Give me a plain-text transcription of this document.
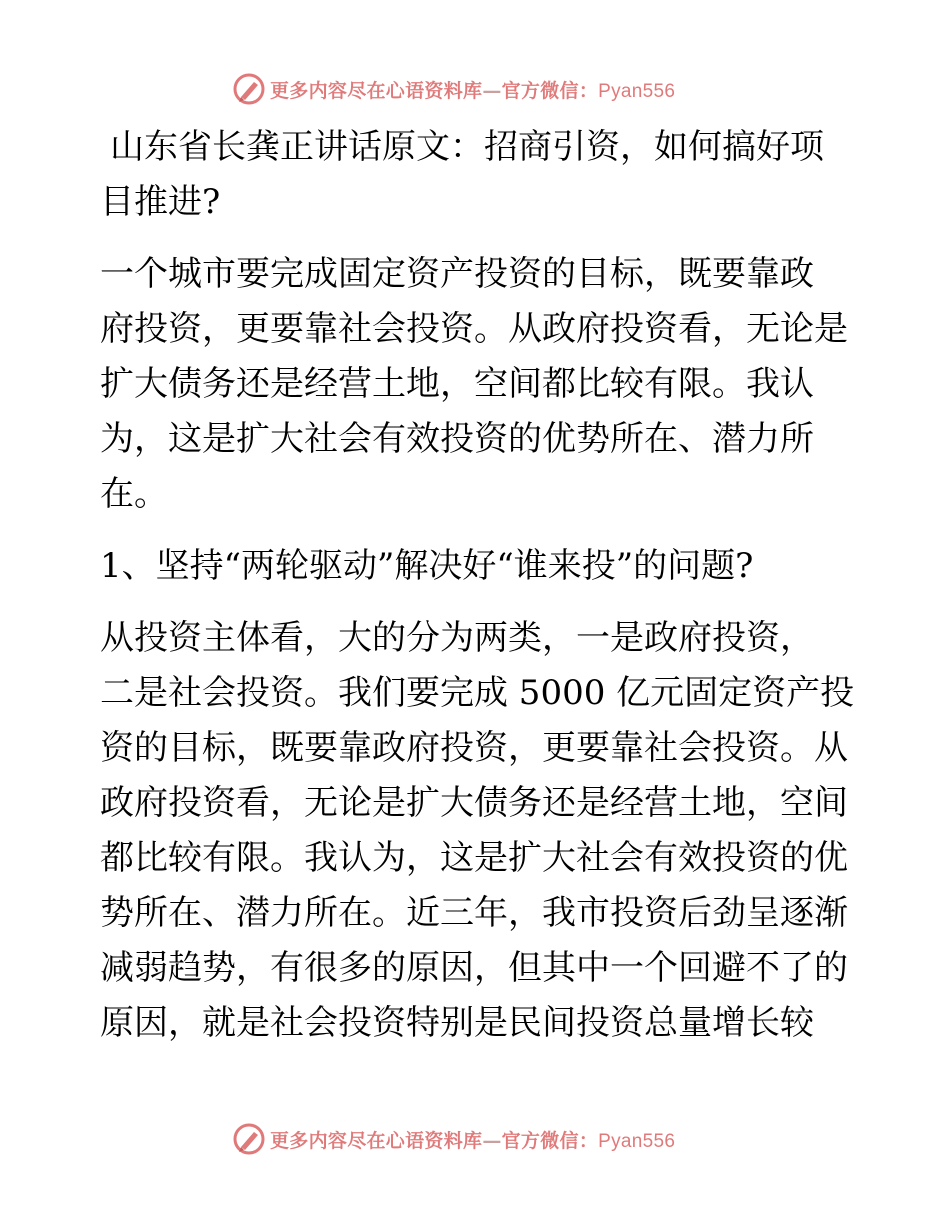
更多内容尽在心语资料库—官方微信：Pyan556
山东省长龚正讲话原文：招商引资，如何搞好项
目推进?
一个城市要完成固定资产投资的目标，既要靠政
府投资，更要靠社会投资。从政府投资看，无论是
扩大债务还是经营土地，空间都比较有限。我认
为，这是扩大社会有效投资的优势所在、潜力所
在。
1、坚持“两轮驱动”解决好“谁来投”的问题?
从投资主体看，大的分为两类，一是政府投资，
二是社会投资。我们要完成 5000 亿元固定资产投
资的目标，既要靠政府投资，更要靠社会投资。从
政府投资看，无论是扩大债务还是经营土地，空间
都比较有限。我认为，这是扩大社会有效投资的优
势所在、潜力所在。近三年，我市投资后劲呈逐渐
减弱趋势，有很多的原因，但其中一个回避不了的
原因，就是社会投资特别是民间投资总量增长较
更多内容尽在心语资料库—官方微信：Pyan556
